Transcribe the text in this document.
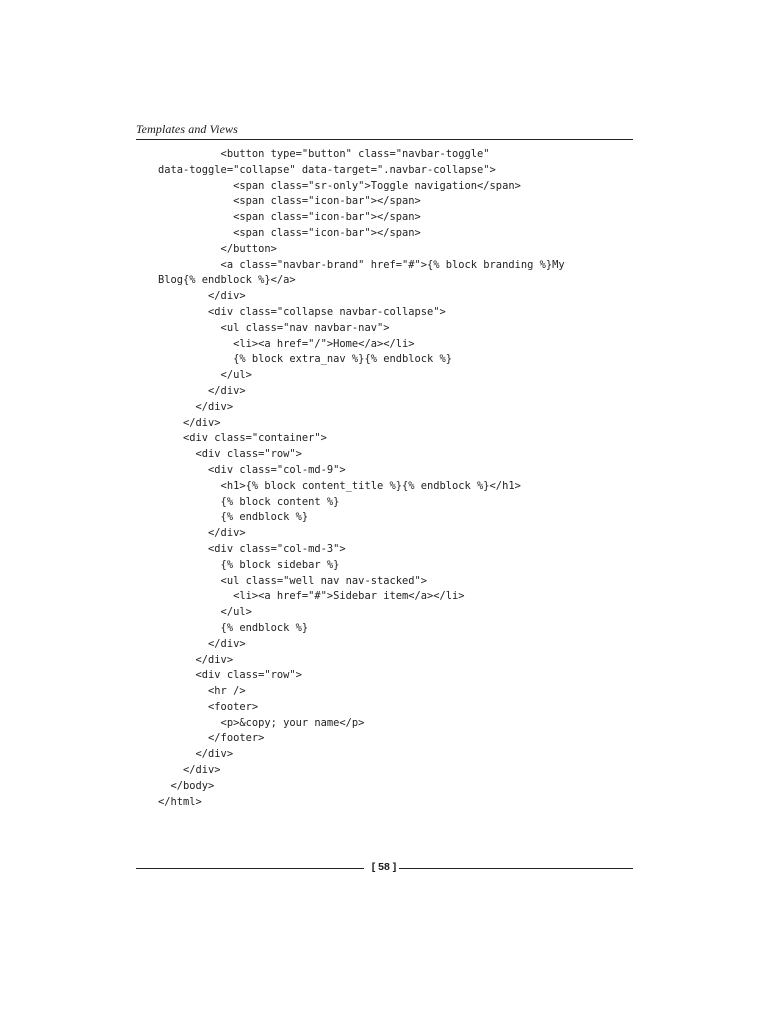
Templates and Views
<button type="button" class="navbar-toggle"
data-toggle="collapse" data-target=".navbar-collapse">
<span class="sr-only">Toggle navigation</span>
<span class="icon-bar"></span>
<span class="icon-bar"></span>
<span class="icon-bar"></span>
</button>
<a class="navbar-brand" href="#">{% block branding %}My
Blog{% endblock %}</a>
</div>
<div class="collapse navbar-collapse">
<ul class="nav navbar-nav">
<li><a href="/">Home</a></li>
{% block extra_nav %}{% endblock %}
</ul>
</div>
</div>
</div>
<div class="container">
<div class="row">
<div class="col-md-9">
<h1>{% block content_title %}{% endblock %}</h1>
{% block content %}
{% endblock %}
</div>
<div class="col-md-3">
{% block sidebar %}
<ul class="well nav nav-stacked">
<li><a href="#">Sidebar item</a></li>
</ul>
{% endblock %}
</div>
</div>
<div class="row">
<hr />
<footer>
<p>&copy; your name</p>
</footer>
</div>
</div>
</body>
</html>
[ 58 ]
